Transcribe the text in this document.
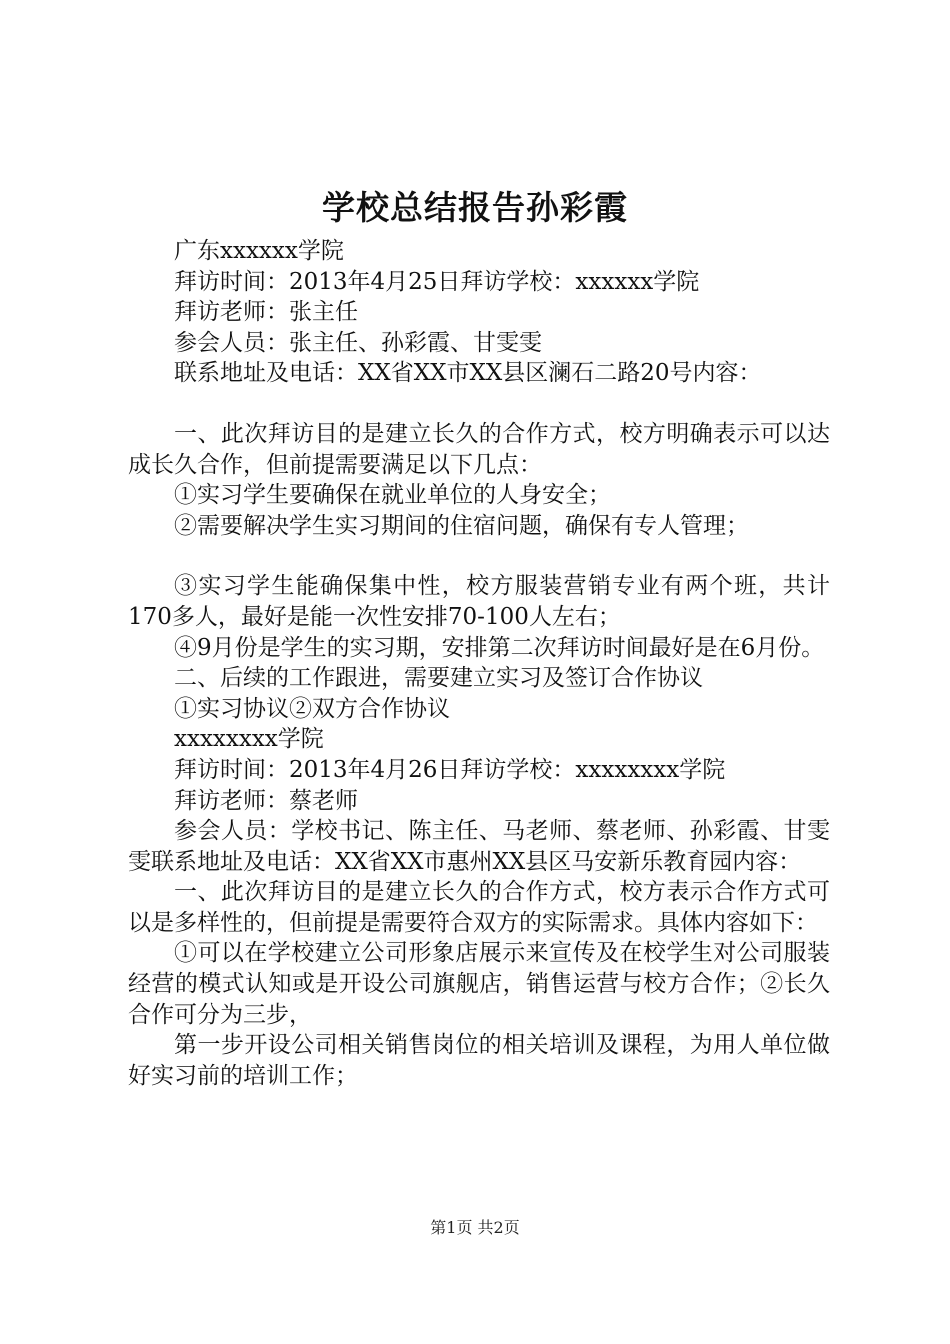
学校总结报告孙彩霞

广东xxxxxx学院

拜访时间：2013年4月25日拜访学校：xxxxxx学院

拜访老师：张主任

参会人员：张主任、孙彩霞、甘雯雯

联系地址及电话：XX省XX市XX县区澜石二路20号内容：

一、此次拜访目的是建立长久的合作方式，校方明确表示可以达成长久合作，但前提需要满足以下几点：

①实习学生要确保在就业单位的人身安全；

②需要解决学生实习期间的住宿问题，确保有专人管理；

③实习学生能确保集中性，校方服装营销专业有两个班，共计170多人，最好是能一次性安排70-100人左右；

④9月份是学生的实习期，安排第二次拜访时间最好是在6月份。

二、后续的工作跟进，需要建立实习及签订合作协议

①实习协议②双方合作协议

xxxxxxxx学院

拜访时间：2013年4月26日拜访学校：xxxxxxxx学院

拜访老师：蔡老师

参会人员：学校书记、陈主任、马老师、蔡老师、孙彩霞、甘雯雯联系地址及电话：XX省XX市惠州XX县区马安新乐教育园内容：

一、此次拜访目的是建立长久的合作方式，校方表示合作方式可以是多样性的，但前提是需要符合双方的实际需求。具体内容如下：

①可以在学校建立公司形象店展示来宣传及在校学生对公司服装经营的模式认知或是开设公司旗舰店，销售运营与校方合作；②长久合作可分为三步，

第一步开设公司相关销售岗位的相关培训及课程，为用人单位做好实习前的培训工作；

第1页 共2页
